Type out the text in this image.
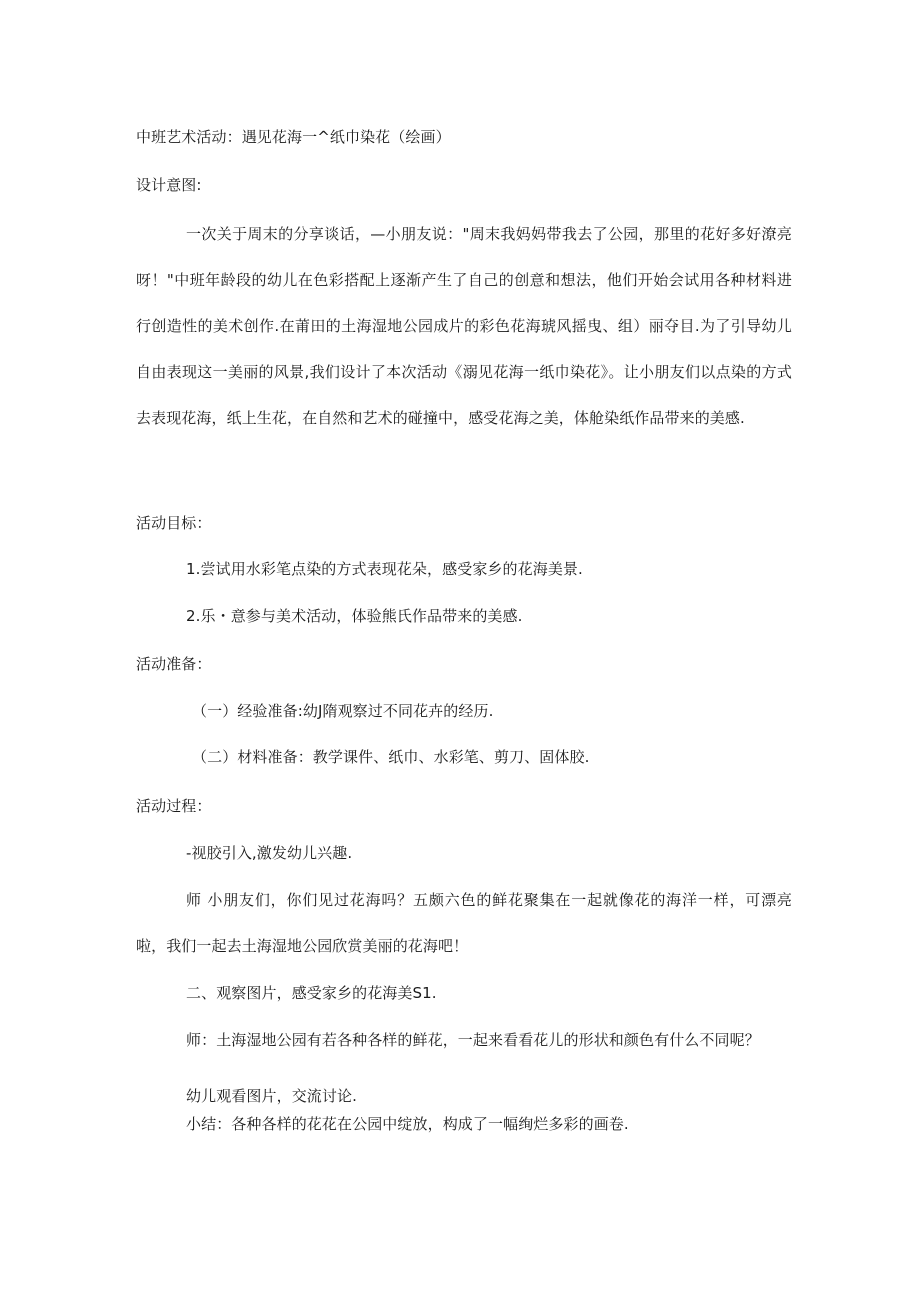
中班艺术活动：遇见花海一^纸巾染花（绘画）
设计意图:
一次关于周末的分享谈话，—小朋友说："周末我妈妈带我去了公园，那里的花好多好潦亮呀！"中班年龄段的幼儿在色彩搭配上逐渐产生了自己的创意和想法，他们开始会试用各种材料进行创造性的美术创作.在莆田的土海湿地公园成片的彩色花海琥风摇曳、组）丽夺目.为了引导幼儿自由表现这一美丽的风景,我们设计了本次活动《溺见花海一纸巾染花》。让小朋友们以点染的方式去表现花海，纸上生花，在自然和艺术的碰撞中，感受花海之美，体舱染纸作品带来的美感.
活动目标：
1.尝试用水彩笔点染的方式表现花朵，感受家乡的花海美景.
2.乐・意参与美术活动，体验熊氏作品带来的美感.
活动准备：
（一）经验准备:幼J隋观察过不同花卉的经历.
（二）材料准备：教学课件、纸巾、水彩笔、剪刀、固体胶.
活动过程：
-视胶引入,激发幼儿兴趣.
师 小朋友们，你们见过花海吗？五颇六色的鲜花聚集在一起就像花的海洋一样，可漂亮啦，我们一起去土海湿地公园欣赏美丽的花海吧！
二、观察图片，感受家乡的花海美S1.
师：土海湿地公园有若各种各样的鲜花，一起来看看花儿的形状和颜色有什么不同呢？
幼儿观看图片，交流讨论.
小结：各种各样的花花在公园中绽放，构成了一幅绚烂多彩的画卷.
